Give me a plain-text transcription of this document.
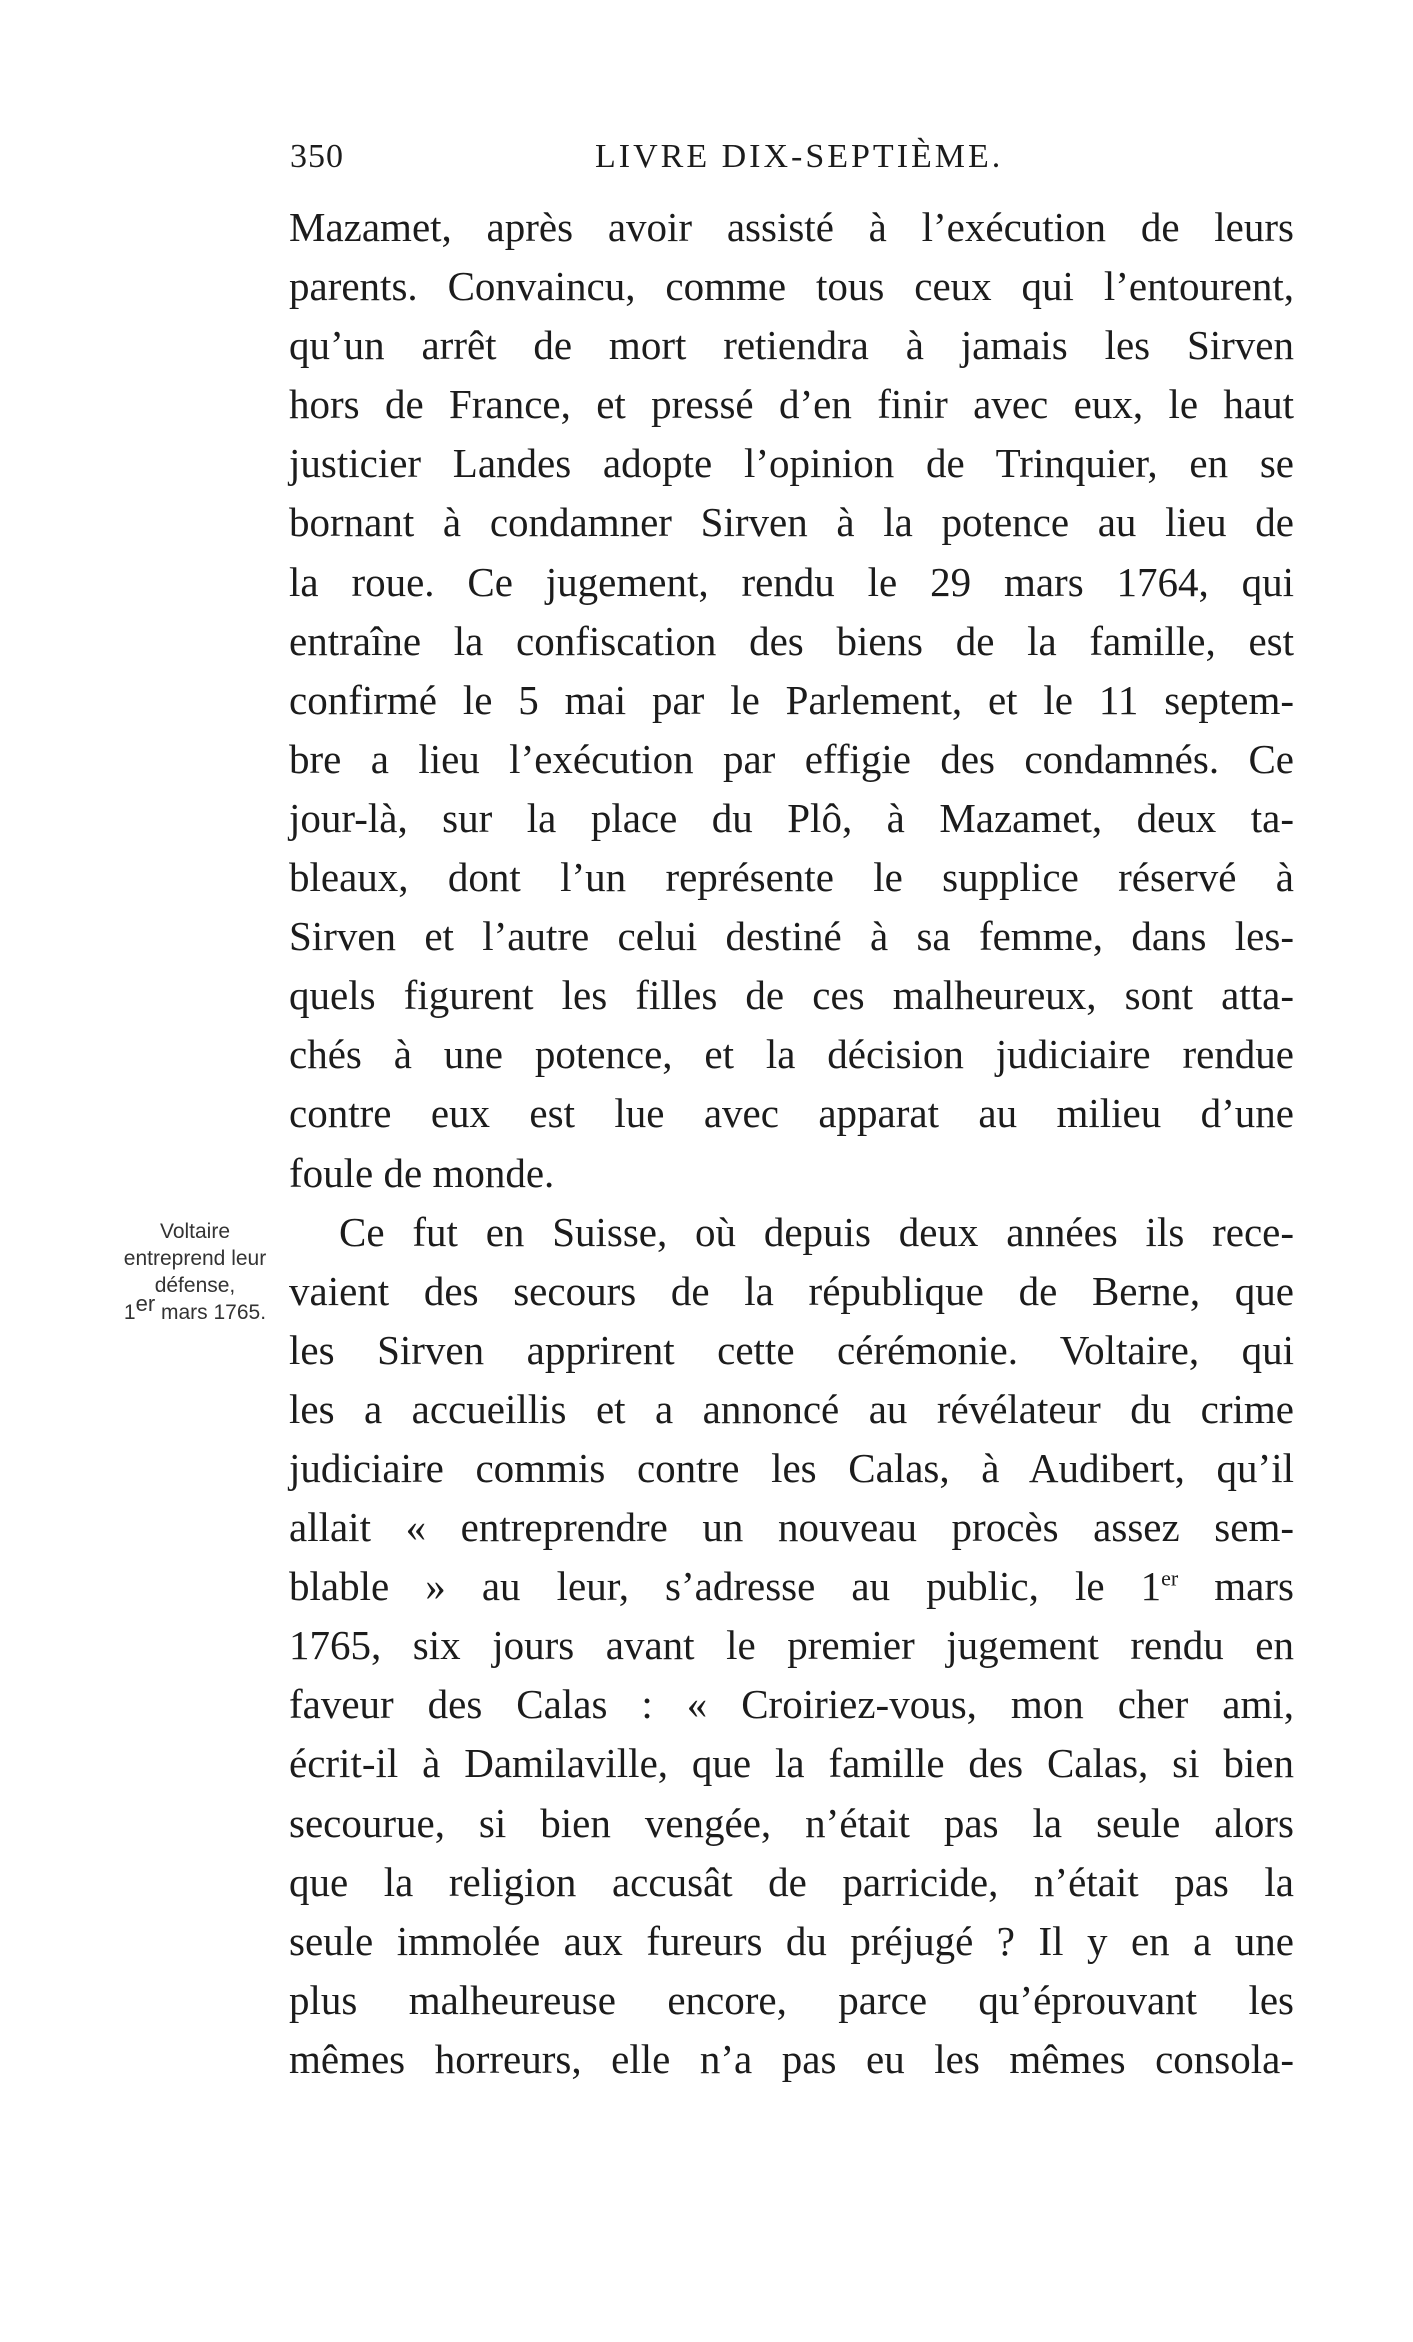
350	LIVRE DIX-SEPTIÈME.
Voltaire
entreprend leur
défense,
1er mars 1765.
Mazamet, après avoir assisté à l’exécution de leurs
parents. Convaincu, comme tous ceux qui l’entourent,
qu’un arrêt de mort retiendra à jamais les Sirven
hors de France, et pressé d’en finir avec eux, le haut
justicier Landes adopte l’opinion de Trinquier, en se
bornant à condamner Sirven à la potence au lieu de
la roue. Ce jugement, rendu le 29 mars 1764, qui
entraîne la confiscation des biens de la famille, est
confirmé le 5 mai par le Parlement, et le 11 septem-
bre a lieu l’exécution par effigie des condamnés. Ce
jour-là, sur la place du Plô, à Mazamet, deux ta-
bleaux, dont l’un représente le supplice réservé à
Sirven et l’autre celui destiné à sa femme, dans les-
quels figurent les filles de ces malheureux, sont atta-
chés à une potence, et la décision judiciaire rendue
contre eux est lue avec apparat au milieu d’une
foule de monde.
Ce fut en Suisse, où depuis deux années ils rece-
vaient des secours de la république de Berne, que
les Sirven apprirent cette cérémonie. Voltaire, qui
les a accueillis et a annoncé au révélateur du crime
judiciaire commis contre les Calas, à Audibert, qu’il
allait « entreprendre un nouveau procès assez sem-
blable » au leur, s’adresse au public, le 1er mars
1765, six jours avant le premier jugement rendu en
faveur des Calas : « Croiriez-vous, mon cher ami,
écrit-il à Damilaville, que la famille des Calas, si bien
secourue, si bien vengée, n’était pas la seule alors
que la religion accusât de parricide, n’était pas la
seule immolée aux fureurs du préjugé ? Il y en a une
plus malheureuse encore, parce qu’éprouvant les
mêmes horreurs, elle n’a pas eu les mêmes consola-
